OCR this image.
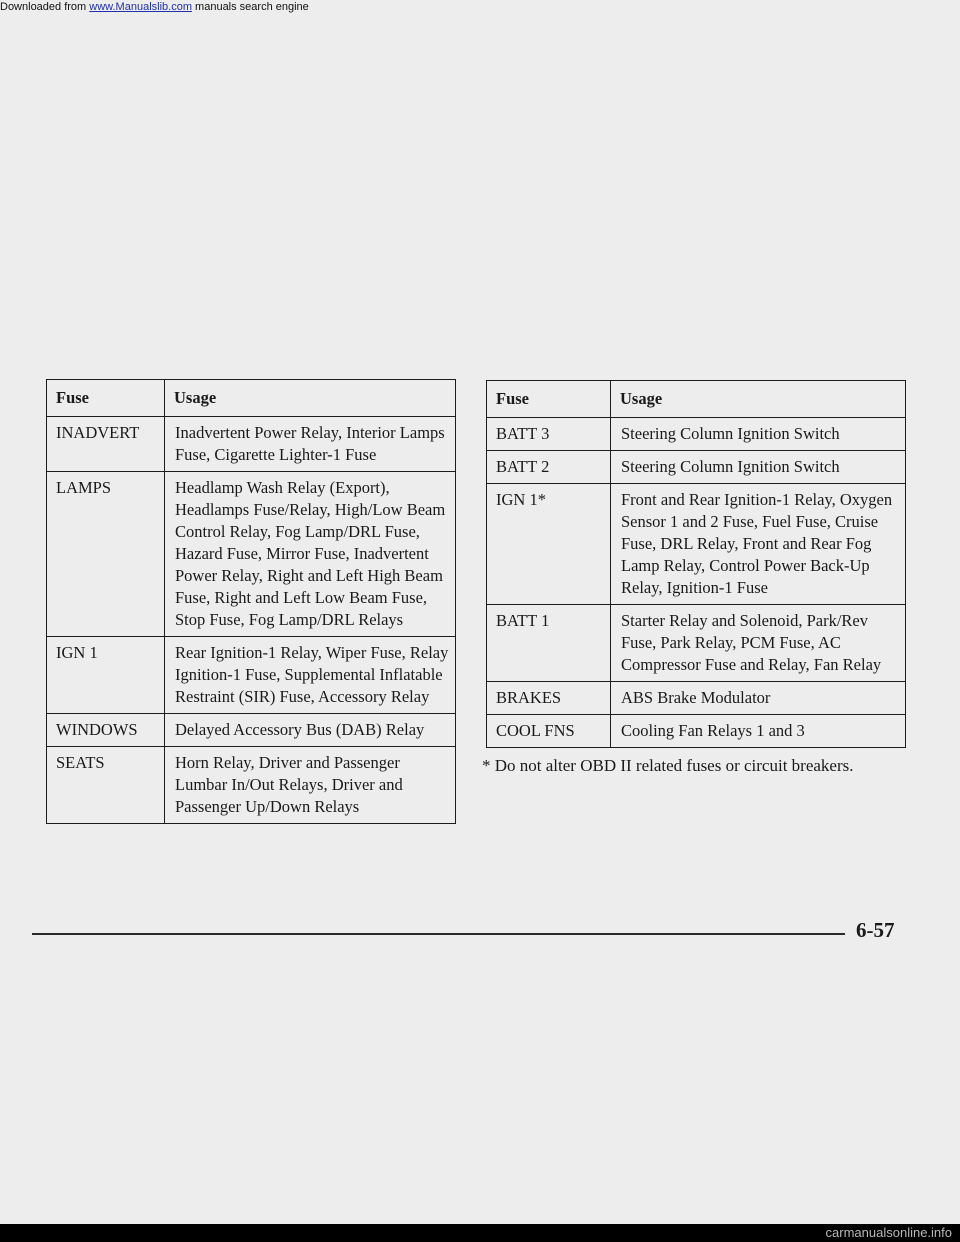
Downloaded from www.Manualslib.com manuals search engine
Fuse	Usage
INADVERT	Inadvertent Power Relay, Interior Lamps Fuse, Cigarette Lighter-1 Fuse
LAMPS	Headlamp Wash Relay (Export), Headlamps Fuse/Relay, High/Low Beam Control Relay, Fog Lamp/DRL Fuse, Hazard Fuse, Mirror Fuse, Inadvertent Power Relay, Right and Left High Beam Fuse, Right and Left Low Beam Fuse, Stop Fuse, Fog Lamp/DRL Relays
IGN 1	Rear Ignition-1 Relay, Wiper Fuse, Relay Ignition-1 Fuse, Supplemental Inflatable Restraint (SIR) Fuse, Accessory Relay
WINDOWS	Delayed Accessory Bus (DAB) Relay
SEATS	Horn Relay, Driver and Passenger Lumbar In/Out Relays, Driver and Passenger Up/Down Relays
Fuse	Usage
BATT 3	Steering Column Ignition Switch
BATT 2	Steering Column Ignition Switch
IGN 1*	Front and Rear Ignition-1 Relay, Oxygen Sensor 1 and 2 Fuse, Fuel Fuse, Cruise Fuse, DRL Relay, Front and Rear Fog Lamp Relay, Control Power Back-Up Relay, Ignition-1 Fuse
BATT 1	Starter Relay and Solenoid, Park/Rev Fuse, Park Relay, PCM Fuse, AC Compressor Fuse and Relay, Fan Relay
BRAKES	ABS Brake Modulator
COOL FNS	Cooling Fan Relays 1 and 3
* Do not alter OBD II related fuses or circuit breakers.
6-57
carmanualsonline.info
